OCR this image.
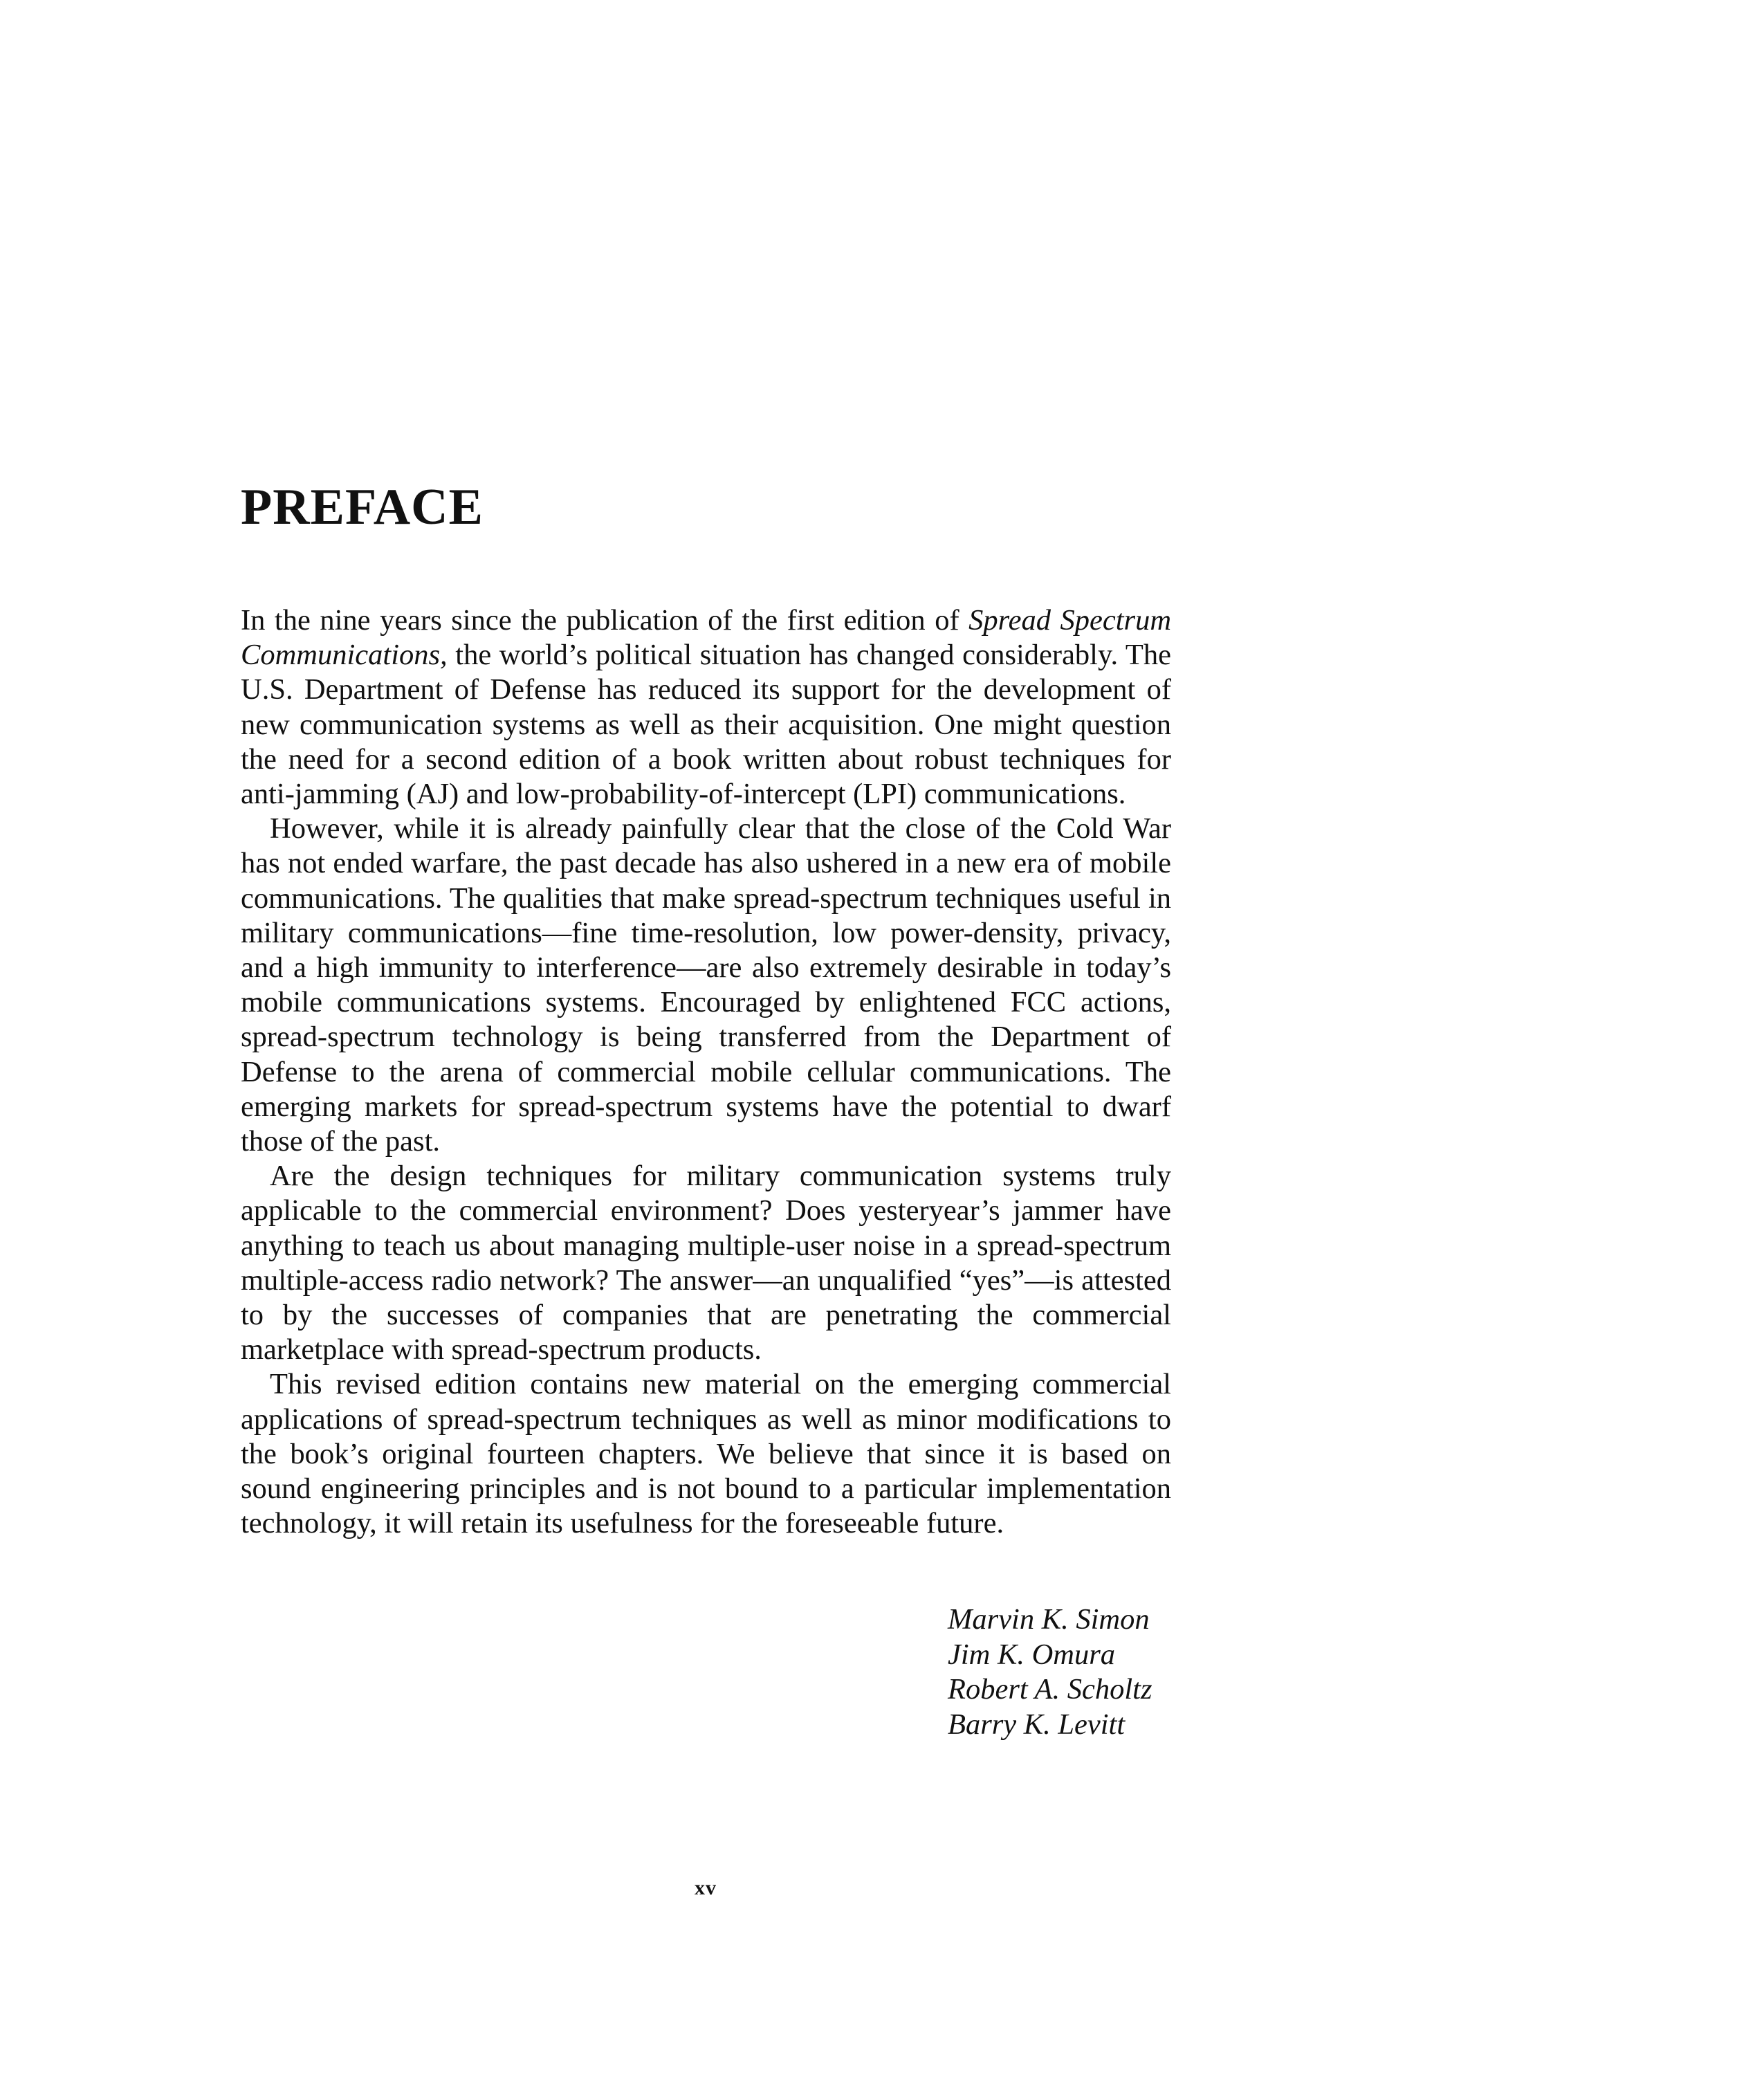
PREFACE

In the nine years since the publication of the first edition of Spread Spectrum Communications, the world’s political situation has changed considerably. The U.S. Department of Defense has reduced its support for the development of new communication systems as well as their acquisition. One might question the need for a second edition of a book written about robust techniques for anti-jamming (AJ) and low-probability-of-intercept (LPI) communications.

However, while it is already painfully clear that the close of the Cold War has not ended warfare, the past decade has also ushered in a new era of mobile communications. The qualities that make spread-spectrum techniques useful in military communications—fine time-resolution, low power-density, privacy, and a high immunity to interference—are also extremely desirable in today’s mobile communications systems. Encouraged by enlightened FCC actions, spread-spectrum technology is being transferred from the Department of Defense to the arena of commercial mobile cellular communications. The emerging markets for spread-spectrum systems have the potential to dwarf those of the past.

Are the design techniques for military communication systems truly applicable to the commercial environment? Does yesteryear’s jammer have anything to teach us about managing multiple-user noise in a spread-spectrum multiple-access radio network? The answer—an unqualified “yes”—is attested to by the successes of companies that are penetrating the commercial marketplace with spread-spectrum products.

This revised edition contains new material on the emerging commercial applications of spread-spectrum techniques as well as minor modifications to the book’s original fourteen chapters. We believe that since it is based on sound engineering principles and is not bound to a particular implementation technology, it will retain its usefulness for the foreseeable future.

Marvin K. Simon
Jim K. Omura
Robert A. Scholtz
Barry K. Levitt
xv
